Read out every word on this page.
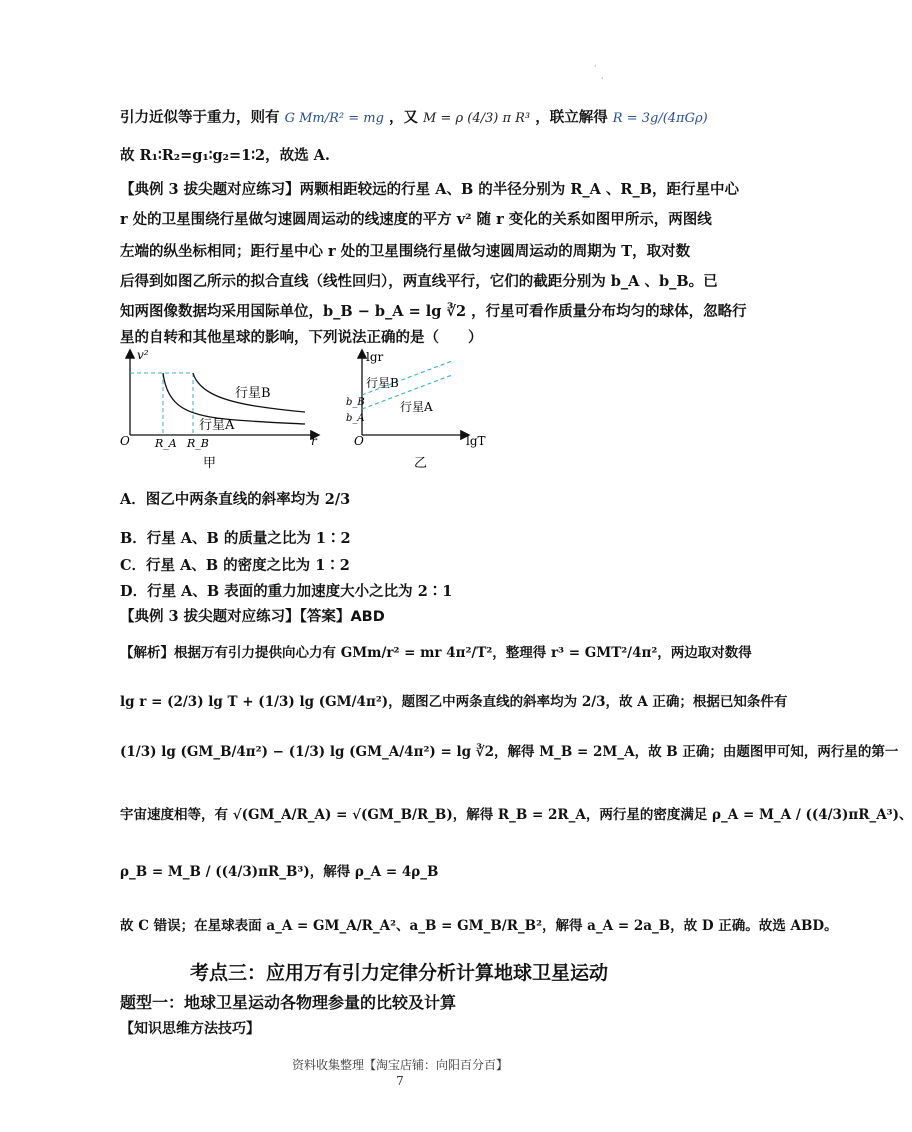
·
·
引力近似等于重力，则有 G Mm/R² = mg ，又 M = ρ (4/3) π R³ ，联立解得 R = 3g/(4πGρ)
故 R₁∶R₂=g₁∶g₂=1∶2，故选 A.
【典例 3 拔尖题对应练习】两颗相距较远的行星 A、B 的半径分别为 R_A 、R_B，距行星中心
r 处的卫星围绕行星做匀速圆周运动的线速度的平方 v² 随 r 变化的关系如图甲所示，两图线
左端的纵坐标相同；距行星中心 r 处的卫星围绕行星做匀速圆周运动的周期为 T，取对数
后得到如图乙所示的拟合直线（线性回归），两直线平行，它们的截距分别为 b_A 、b_B。已
知两图像数据均采用国际单位，b_B − b_A = lg ∛2 ，行星可看作质量分布均匀的球体，忽略行
星的自转和其他星球的影响，下列说法正确的是（　　）
v²
r
O R_A R_B
行星B
行星A
甲
lgr
lgT
O
b_B
b_A
行星B
行星A
乙
A．图乙中两条直线的斜率均为 2/3
B．行星 A、B 的质量之比为 1∶2
C．行星 A、B 的密度之比为 1∶2
D．行星 A、B 表面的重力加速度大小之比为 2∶1
【典例 3 拔尖题对应练习】【答案】ABD
【解析】根据万有引力提供向心力有 GMm/r² = mr 4π²/T²，整理得 r³ = GMT²/4π²，两边取对数得
lg r = (2/3) lg T + (1/3) lg (GM/4π²)，题图乙中两条直线的斜率均为 2/3，故 A 正确；根据已知条件有
(1/3) lg (GM_B/4π²) − (1/3) lg (GM_A/4π²) = lg ∛2，解得 M_B = 2M_A，故 B 正确；由题图甲可知，两行星的第一
宇宙速度相等，有 √(GM_A/R_A) = √(GM_B/R_B)，解得 R_B = 2R_A，两行星的密度满足 ρ_A = M_A / ((4/3)πR_A³)、
ρ_B = M_B / ((4/3)πR_B³)，解得 ρ_A = 4ρ_B
故 C 错误；在星球表面 a_A = GM_A/R_A²、a_B = GM_B/R_B²，解得 a_A = 2a_B，故 D 正确。故选 ABD。
考点三：应用万有引力定律分析计算地球卫星运动
题型一：地球卫星运动各物理参量的比较及计算
【知识思维方法技巧】
资料收集整理【淘宝店铺：向阳百分百】
7
